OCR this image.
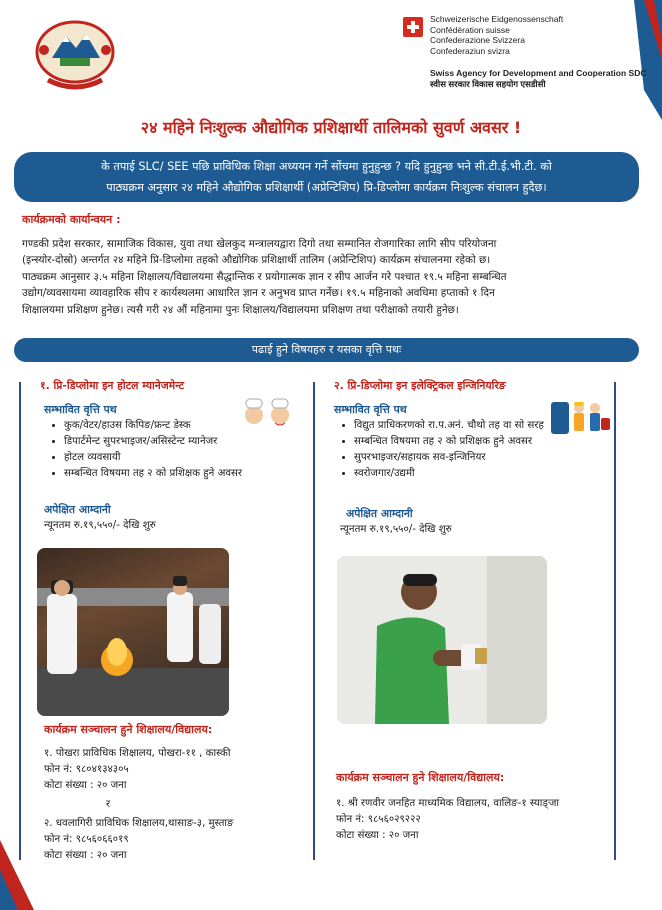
Schweizerische Eidgenossenschaft
Confédération suisse
Confederazione Svizzera
Confederaziun svizra
Swiss Agency for Development and Cooperation SDC
स्वीस सरकार विकास सहयोग एसडीसी
२४ महिने निःशुल्क औद्योगिक प्रशिक्षार्थी तालिमको सुवर्ण अवसर !
के तपाई SLC/ SEE पछि प्राविधिक शिक्षा अध्ययन गर्ने सोंचमा हुनुहुन्छ ? यदि हुनुहुन्छ भने सी.टी.ई.भी.टी. को
पाठ्यक्रम अनुसार २४ महिने औद्योगिक प्रशिक्षार्थी (अप्रेन्टिशिप) प्रि-डिप्लोमा कार्यक्रम निःशुल्क संचालन हुदैछ।
कार्यक्रमको कार्यान्वयन :
गण्डकी प्रदेश सरकार, सामाजिक विकास, युवा तथा खेलकुद मन्त्रालयद्वारा दिगो तथा सम्मानित रोजगारिका लागि सीप परियोजना
(इन्स्योर-दोस्रो) अन्तर्गत २४ महिने प्रि-डिप्लोमा तहको औद्योगिक प्रशिक्षार्थी तालिम (अप्रेन्टिशिप) कार्यक्रम संचालनमा रहेको छ।
पाठ्यक्रम आनुसार ३.५ महिना शिक्षालय/विद्यालयमा सैद्धान्तिक र प्रयोगात्मक ज्ञान र सीप आर्जन गरे पश्चात १९.५ महिना सम्बन्धित
उद्योग/व्यवसायमा व्यावहारिक सीप र कार्यस्थलमा आधारित ज्ञान र अनुभव प्राप्त गर्नेछ। १९.५ महिनाको अवधिमा हप्ताको १ दिन
शिक्षालयमा प्रशिक्षण हुनेछ। त्यसै गरी २४ औं महिनामा पुनः शिक्षालय/विद्यालयमा प्रशिक्षण तथा परीक्षाको तयारी हुनेछ।
पढाई हुने विषयहरु र यसका वृत्ति पथः
१. प्रि-डिप्लोमा इन होटल म्यानेजमेन्ट
सम्भावित वृत्ति पथ
• कुक/वेटर/हाउस किपिङ/फ्रन्ट डेस्क
• डिपार्टमेन्ट सुपरभाइजर/असिस्टेन्ट म्यानेजर
• होटल व्यवसायी
• सम्बन्धित विषयमा तह २ को प्रशिक्षक हुने अवसर
अपेक्षित आम्दानी
न्यूनतम रु.१९,५५०/- देखि शुरु
कार्यक्रम सञ्चालन हुने शिक्षालय/विद्यालय:
१. पोखरा प्राविधिक शिक्षालय, पोखरा-११ , कास्की
फोन नं: ९८०४१३४३०५
कोटा संख्या : २० जना
र
२. धवलागिरी प्राविधिक शिक्षालय,थासाङ-३, मुस्ताङ
फोन नं: ९८५६०६६०१९
कोटा संख्या : २० जना
२. प्रि-डिप्लोमा इन इलेक्ट्रिकल इन्जिनियरिङ
सम्भावित वृत्ति पथ
• विद्युत प्राधिकरणको रा.प.अनं. चौथो तह वा सो सरह
• सम्बन्धित विषयमा तह २ को प्रशिक्षक हुने अवसर
• सुपरभाइजर/सहायक सव-इन्जिनियर
• स्वरोजगार/उद्यमी
अपेक्षित आम्दानी
न्यूनतम रु.१९,५५०/- देखि शुरु
कार्यक्रम सञ्चालन हुने शिक्षालय/विद्यालय:
१. श्री रणवीर जनहित माध्यमिक विद्यालय, वालिङ-१ स्याङ्जा
फोन नं: ९८५६०२९२२२
कोटा संख्या : २० जना
